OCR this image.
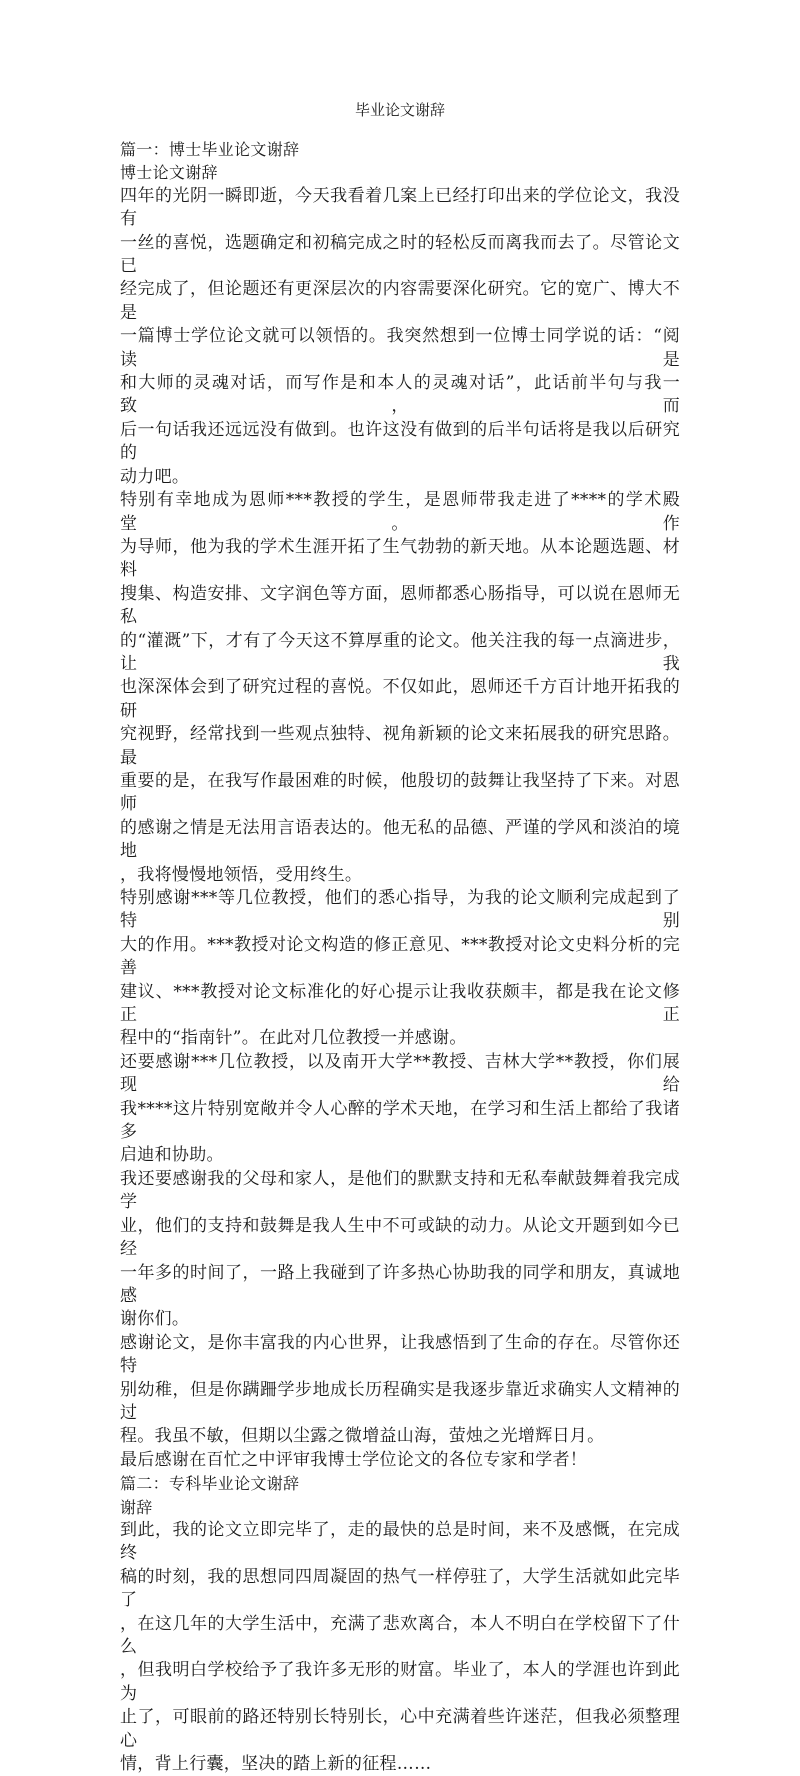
毕业论文谢辞
篇一：博士毕业论文谢辞
博士论文谢辞
四年的光阴一瞬即逝，今天我看着几案上已经打印出来的学位论文，我没有
一丝的喜悦，选题确定和初稿完成之时的轻松反而离我而去了。尽管论文已
经完成了，但论题还有更深层次的内容需要深化研究。它的宽广、博大不是
一篇博士学位论文就可以领悟的。我突然想到一位博士同学说的话：“阅读是
和大师的灵魂对话，而写作是和本人的灵魂对话”，此话前半句与我一致，而
后一句话我还远远没有做到。也许这没有做到的后半句话将是我以后研究的
动力吧。
特别有幸地成为恩师***教授的学生，是恩师带我走进了****的学术殿堂。作
为导师，他为我的学术生涯开拓了生气勃勃的新天地。从本论题选题、材料
搜集、构造安排、文字润色等方面，恩师都悉心肠指导，可以说在恩师无私
的“灌溉”下，才有了今天这不算厚重的论文。他关注我的每一点滴进步，让我
也深深体会到了研究过程的喜悦。不仅如此，恩师还千方百计地开拓我的研
究视野，经常找到一些观点独特、视角新颖的论文来拓展我的研究思路。最
重要的是，在我写作最困难的时候，他殷切的鼓舞让我坚持了下来。对恩师
的感谢之情是无法用言语表达的。他无私的品德、严谨的学风和淡泊的境地
，我将慢慢地领悟，受用终生。
特别感谢***等几位教授，他们的悉心指导，为我的论文顺利完成起到了特别
大的作用。***教授对论文构造的修正意见、***教授对论文史料分析的完善
建议、***教授对论文标准化的好心提示让我收获颇丰，都是我在论文修正正
程中的“指南针”。在此对几位教授一并感谢。
还要感谢***几位教授，以及南开大学**教授、吉林大学**教授，你们展现给
我****这片特别宽敞并令人心醉的学术天地，在学习和生活上都给了我诸多
启迪和协助。
我还要感谢我的父母和家人，是他们的默默支持和无私奉献鼓舞着我完成学
业，他们的支持和鼓舞是我人生中不可或缺的动力。从论文开题到如今已经
一年多的时间了，一路上我碰到了许多热心协助我的同学和朋友，真诚地感
谢你们。
感谢论文，是你丰富我的内心世界，让我感悟到了生命的存在。尽管你还特
别幼稚，但是你蹒跚学步地成长历程确实是我逐步靠近求确实人文精神的过
程。我虽不敏，但期以尘露之微增益山海，萤烛之光增辉日月。
最后感谢在百忙之中评审我博士学位论文的各位专家和学者！
篇二：专科毕业论文谢辞
谢辞
到此，我的论文立即完毕了，走的最快的总是时间，来不及感慨，在完成终
稿的时刻，我的思想同四周凝固的热气一样停驻了，大学生活就如此完毕了
，在这几年的大学生活中，充满了悲欢离合，本人不明白在学校留下了什么
，但我明白学校给予了我许多无形的财富。毕业了，本人的学涯也许到此为
止了，可眼前的路还特别长特别长，心中充满着些许迷茫，但我必须整理心
情，背上行囊，坚决的踏上新的征程……
